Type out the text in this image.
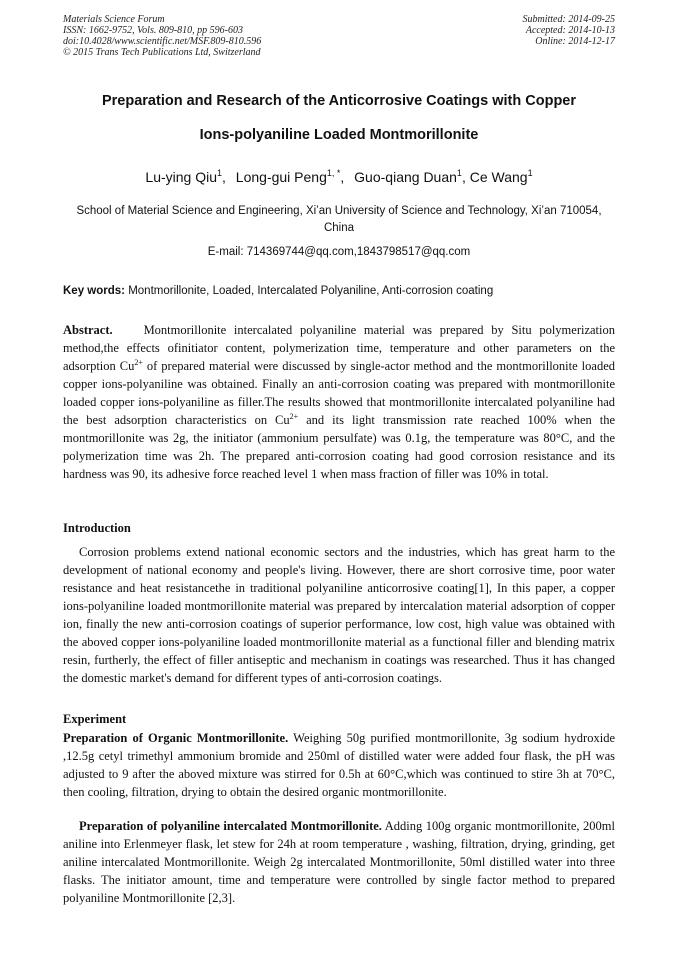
Materials Science Forum
ISSN: 1662-9752, Vols. 809-810, pp 596-603
doi:10.4028/www.scientific.net/MSF.809-810.596
© 2015 Trans Tech Publications Ltd, Switzerland
Submitted: 2014-09-25
Accepted: 2014-10-13
Online: 2014-12-17
Preparation and Research of the Anticorrosive Coatings with Copper
Ions-polyaniline Loaded Montmorillonite
Lu-ying Qiu$^1$, Long-gui Peng$^{1, *}$, Guo-qiang Duan$^1$, Ce Wang$^1$
School of Material Science and Engineering, Xi’an University of Science and Technology, Xi’an 710054, China
E-mail: 714369744@qq.com,1843798517@qq.com
Key words: Montmorillonite, Loaded, Intercalated Polyaniline, Anti-corrosion coating
Abstract. Montmorillonite intercalated polyaniline material was prepared by Situ polymerization method,the effects ofinitiator content, polymerization time, temperature and other parameters on the adsorption $Cu^{2+}$ of prepared material were discussed by single-actor method and the montmorillonite loaded copper ions-polyaniline was obtained. Finally an anti-corrosion coating was prepared with montmorillonite loaded copper ions-polyaniline as filler.The results showed that montmorillonite intercalated polyaniline had the best adsorption characteristics on $Cu^{2+}$ and its light transmission rate reached 100% when the montmorillonite was 2g, the initiator (ammonium persulfate) was 0.1g, the temperature was 80°C, and the polymerization time was 2h. The prepared anti-corrosion coating had good corrosion resistance and its hardness was 90, its adhesive force reached level 1 when mass fraction of filler was 10% in total.
Introduction
Corrosion problems extend national economic sectors and the industries, which has great harm to the development of national economy and people's living. However, there are short corrosive time, poor water resistance and heat resistancethe in traditional polyaniline anticorrosive coating[1], In this paper, a copper ions-polyaniline loaded montmorillonite material was prepared by intercalation material adsorption of copper ion, finally the new anti-corrosion coatings of superior performance, low cost, high value was obtained with the aboved copper ions-polyaniline loaded montmorillonite material as a functional filler and blending matrix resin, furtherly, the effect of filler antiseptic and mechanism in coatings was researched. Thus it has changed the domestic market's demand for different types of anti-corrosion coatings.
Experiment
Preparation of Organic Montmorillonite. Weighing 50g purified montmorillonite, 3g sodium hydroxide ,12.5g cetyl trimethyl ammonium bromide and 250ml of distilled water were added four flask, the pH was adjusted to 9 after the aboved mixture was stirred for 0.5h at 60°C,which was continued to stire 3h at 70°C, then cooling, filtration, drying to obtain the desired organic montmorillonite.
Preparation of polyaniline intercalated Montmorillonite. Adding 100g organic montmorillonite, 200ml aniline into Erlenmeyer flask, let stew for 24h at room temperature , washing, filtration, drying, grinding, get aniline intercalated Montmorillonite. Weigh 2g intercalated Montmorillonite, 50ml distilled water into three flasks. The initiator amount, time and temperature were controlled by single factor method to prepared polyaniline Montmorillonite [2,3].
